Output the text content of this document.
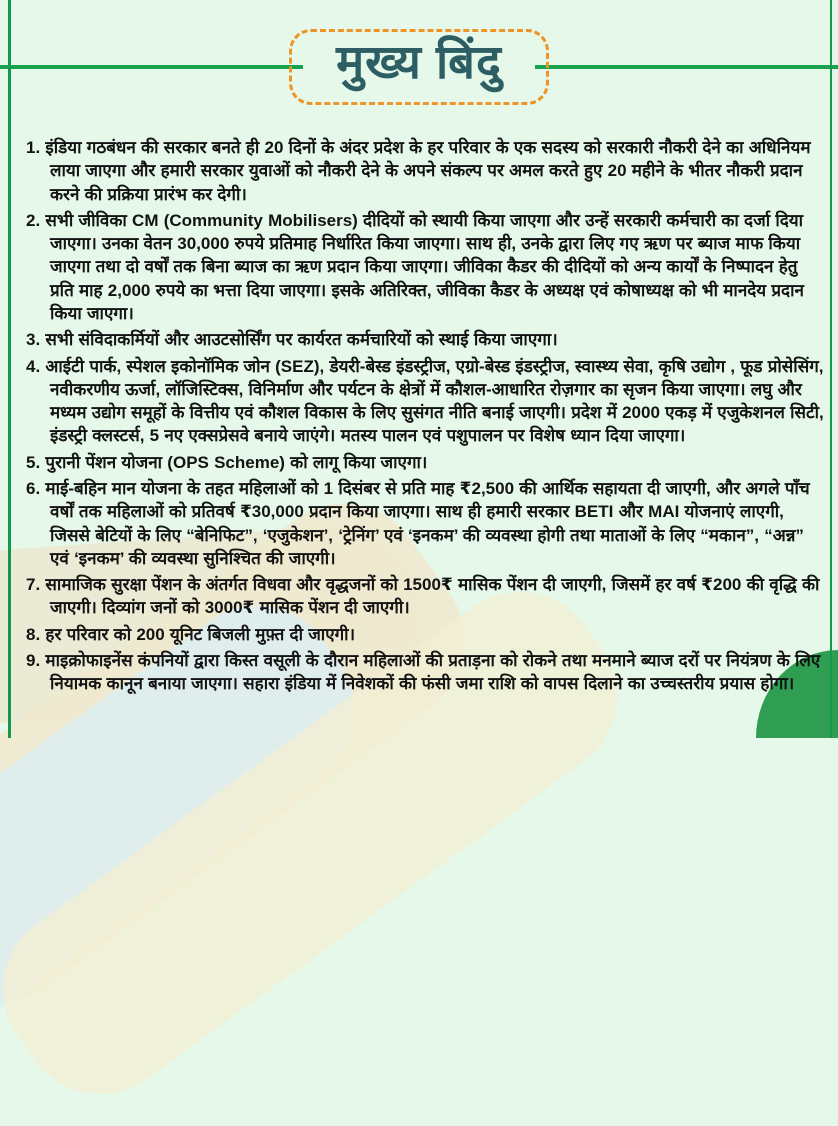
मुख्य बिंदु

1. इंडिया गठबंधन की सरकार बनते ही 20 दिनों के अंदर प्रदेश के हर परिवार के एक सदस्य को सरकारी नौकरी देने का अधिनियम लाया जाएगा और हमारी सरकार युवाओं को नौकरी देने के अपने संकल्प पर अमल करते हुए 20 महीने के भीतर नौकरी प्रदान करने की प्रक्रिया प्रारंभ कर देगी।

2. सभी जीविका CM (Community Mobilisers) दीदियों को स्थायी किया जाएगा और उन्हें सरकारी कर्मचारी का दर्जा दिया जाएगा। उनका वेतन 30,000 रुपये प्रतिमाह निर्धारित किया जाएगा। साथ ही, उनके द्वारा लिए गए ऋण पर ब्याज माफ किया जाएगा तथा दो वर्षों तक बिना ब्याज का ऋण प्रदान किया जाएगा। जीविका कैडर की दीदियों को अन्य कार्यों के निष्पादन हेतु प्रति माह 2,000 रुपये का भत्ता दिया जाएगा। इसके अतिरिक्त, जीविका कैडर के अध्यक्ष एवं कोषाध्यक्ष को भी मानदेय प्रदान किया जाएगा।

3. सभी संविदाकर्मियों और आउटसोर्सिंग पर कार्यरत कर्मचारियों को स्थाई किया जाएगा।

4. आईटी पार्क, स्पेशल इकोनॉमिक जोन (SEZ), डेयरी-बेस्ड इंडस्ट्रीज, एग्रो-बेस्ड इंडस्ट्रीज, स्वास्थ्य सेवा, कृषि उद्योग , फूड प्रोसेसिंग, नवीकरणीय ऊर्जा, लॉजिस्टिक्स, विनिर्माण और पर्यटन के क्षेत्रों में कौशल-आधारित रोज़गार का सृजन किया जाएगा। लघु और मध्यम उद्योग समूहों के वित्तीय एवं कौशल विकास के लिए सुसंगत नीति बनाई जाएगी। प्रदेश में 2000 एकड़ में एजुकेशनल सिटी, इंडस्ट्री क्लस्टर्स, 5 नए एक्सप्रेसवे बनाये जाएंगे। मतस्य पालन एवं पशुपालन पर विशेष ध्यान दिया जाएगा।

5. पुरानी पेंशन योजना (OPS Scheme) को लागू किया जाएगा।

6. माई-बहिन मान योजना के तहत महिलाओं को 1 दिसंबर से प्रति माह ₹2,500 की आर्थिक सहायता दी जाएगी, और अगले पाँच वर्षों तक महिलाओं को प्रतिवर्ष ₹30,000 प्रदान किया जाएगा। साथ ही हमारी सरकार BETI और MAI योजनाएं लाएगी, जिससे बेटियों के लिए “बेनिफिट”, ‘एजुकेशन’, ‘ट्रेनिंग’ एवं ‘इनकम’ की व्यवस्था होगी तथा माताओं के लिए “मकान”, “अन्न” एवं ‘इनकम’ की व्यवस्था सुनिश्चित की जाएगी।

7. सामाजिक सुरक्षा पेंशन के अंतर्गत विधवा और वृद्धजनों को 1500₹ मासिक पेंशन दी जाएगी, जिसमें हर वर्ष ₹200 की वृद्धि की जाएगी। दिव्यांग जनों को 3000₹ मासिक पेंशन दी जाएगी।

8. हर परिवार को 200 यूनिट बिजली मुफ़्त दी जाएगी।

9. माइक्रोफाइनेंस कंपनियों द्वारा किस्त वसूली के दौरान महिलाओं की प्रताड़ना को रोकने तथा मनमाने ब्याज दरों पर नियंत्रण के लिए नियामक कानून बनाया जाएगा। सहारा इंडिया में निवेशकों की फंसी जमा राशि को वापस दिलाने का उच्चस्तरीय प्रयास होगा।
